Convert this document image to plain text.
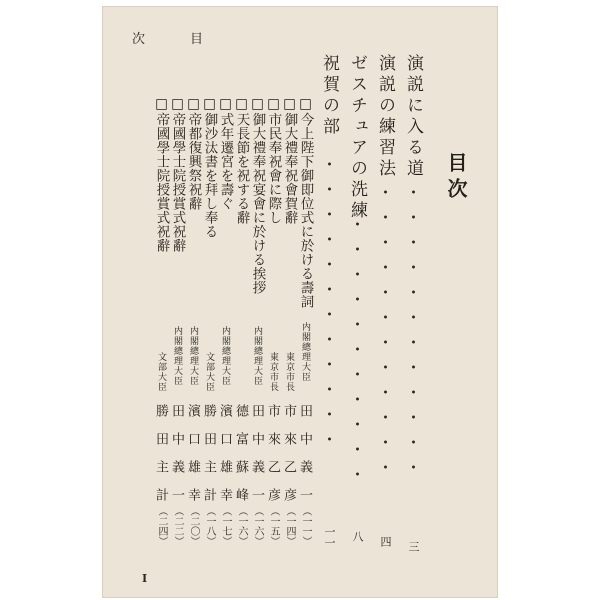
次	目
目次
演説に入る道
・・・・・・・・・・・・
三
演説の練習法
・・・・・・・・・・・・
四
ゼスチュアの洗練
・・・・・・・・・・・
八
祝賀の部
・・・・・・・・・・・・
一一
□今上陛下御即位式に於ける壽詞
内閣總理大臣
田中義一
（一一）
□御大禮奉祝會賀辭
東京市長
市來乙彦
（一四）
□市民奉祝會に際し
東京市長
市來乙彦
（一五）
□御大禮奉祝宴會に於ける挨拶
内閣總理大臣
田中義一
（一六）
□天長節を祝する辭
德富蘇峰
（一六）
□式年遷宮を壽ぐ
内閣總理大臣
濱口雄幸
（一七）
□御沙汰書を拜し奉る
文部大臣
勝田主計
（一八）
□帝都復興祭祝辭
内閣總理大臣
濱口雄幸
（二〇）
□帝國學士院授賞式祝辭
内閣總理大臣
田中義一
（二二）
□帝國學士院授賞式祝辭
文部大臣
勝田主計
（二四）
I
